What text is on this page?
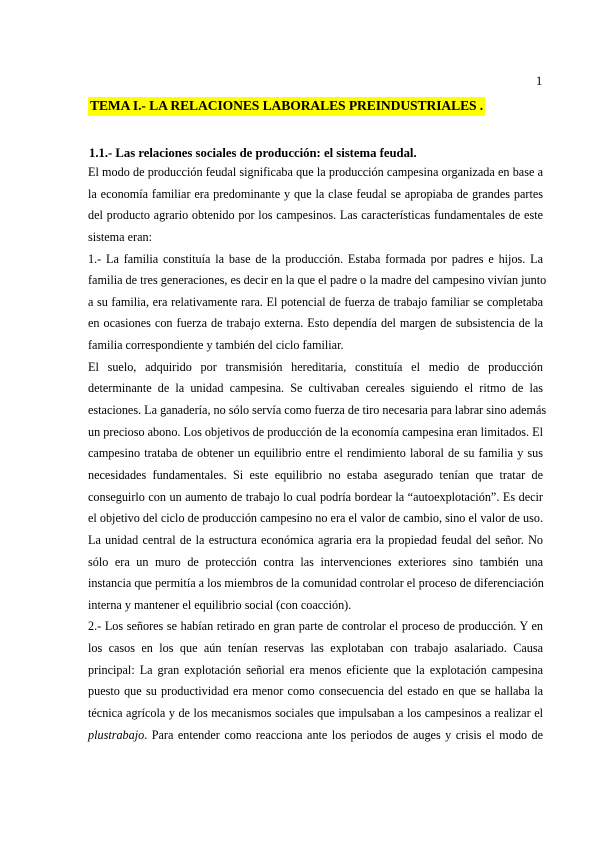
1
TEMA I.- LA RELACIONES LABORALES PREINDUSTRIALES .
1.1.- Las relaciones sociales de producción: el sistema feudal.
El modo de producción feudal significaba que la producción campesina organizada en base a
la economía familiar era predominante y que la clase feudal se apropiaba de grandes partes
del producto agrario obtenido por los campesinos. Las características fundamentales de este
sistema eran:
1.- La familia constituía la base de la producción. Estaba formada por padres e hijos. La
familia de tres generaciones, es decir en la que el padre o la madre del campesino vivían junto
a su familia, era relativamente rara. El potencial de fuerza de trabajo familiar se completaba
en ocasiones con fuerza de trabajo externa. Esto dependía del margen de subsistencia de la
familia correspondiente y también del ciclo familiar.
El suelo, adquirido por transmisión hereditaria, constituía el medio de producción
determinante de la unidad campesina. Se cultivaban cereales siguiendo el ritmo de las
estaciones. La ganadería, no sólo servía como fuerza de tiro necesaria para labrar sino además
un precioso abono. Los objetivos de producción de la economía campesina eran limitados. El
campesino trataba de obtener un equilibrio entre el rendimiento laboral de su familia y sus
necesidades fundamentales. Si este equilibrio no estaba asegurado tenían que tratar de
conseguirlo con un aumento de trabajo lo cual podría bordear la “autoexplotación”. Es decir
el objetivo del ciclo de producción campesino no era el valor de cambio, sino el valor de uso.
La unidad central de la estructura económica agraria era la propiedad feudal del señor. No
sólo era un muro de protección contra las intervenciones exteriores sino también una
instancia que permitía a los miembros de la comunidad controlar el proceso de diferenciación
interna y mantener el equilibrio social (con coacción).
2.- Los señores se habían retirado en gran parte de controlar el proceso de producción. Y en
los casos en los que aún tenían reservas las explotaban con trabajo asalariado. Causa
principal: La gran explotación señorial era menos eficiente que la explotación campesina
puesto que su productividad era menor como consecuencia del estado en que se hallaba la
técnica agrícola y de los mecanismos sociales que impulsaban a los campesinos a realizar el
plustrabajo. Para entender como reacciona ante los periodos de auges y crisis el modo de
